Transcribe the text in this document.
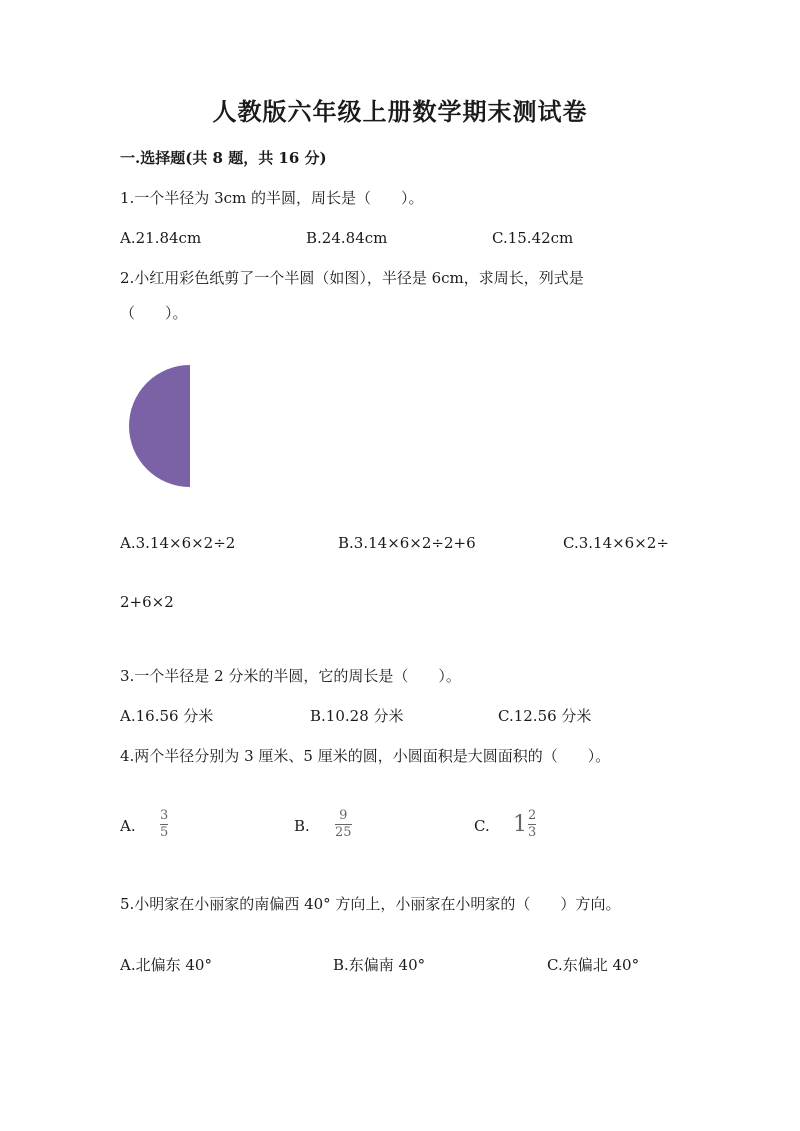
人教版六年级上册数学期末测试卷
一.选择题(共 8 题，共 16 分)
1.一个半径为 3cm 的半圆，周长是（　　）。
A.21.84cm	B.24.84cm	C.15.42cm
2.小红用彩色纸剪了一个半圆（如图），半径是 6cm，求周长，列式是
（　　）。
A.3.14×6×2÷2	B.3.14×6×2÷2+6	C.3.14×6×2÷
2+6×2
3.一个半径是 2 分米的半圆，它的周长是（　　）。
A.16.56 分米	B.10.28 分米	C.12.56 分米
4.两个半径分别为 3 厘米、5 厘米的圆，小圆面积是大圆面积的（　　）。
A.
3
5	B.
9
25	C. $1 \frac{2}{3}$
5.小明家在小丽家的南偏西 40° 方向上，小丽家在小明家的（　　）方向。
A.北偏东 40°	B.东偏南 40°	C.东偏北 40°
